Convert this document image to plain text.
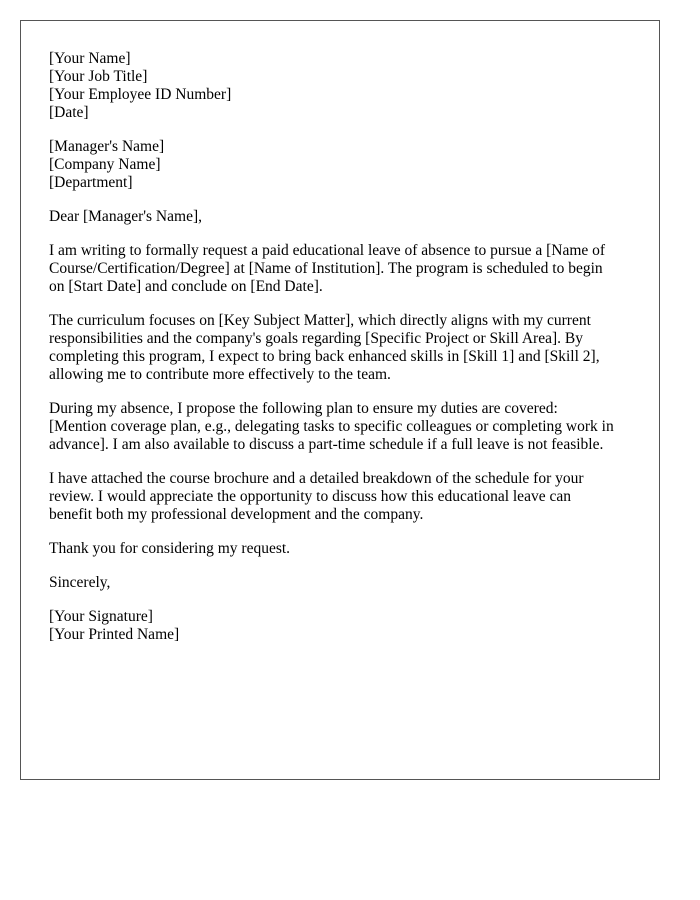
[Your Name]
[Your Job Title]
[Your Employee ID Number]
[Date]
[Manager's Name]
[Company Name]
[Department]

Dear [Manager's Name],

I am writing to formally request a paid educational leave of absence to pursue a [Name of
Course/Certification/Degree] at [Name of Institution]. The program is scheduled to begin
on [Start Date] and conclude on [End Date].

The curriculum focuses on [Key Subject Matter], which directly aligns with my current
responsibilities and the company's goals regarding [Specific Project or Skill Area]. By
completing this program, I expect to bring back enhanced skills in [Skill 1] and [Skill 2],
allowing me to contribute more effectively to the team.

During my absence, I propose the following plan to ensure my duties are covered:
[Mention coverage plan, e.g., delegating tasks to specific colleagues or completing work in
advance]. I am also available to discuss a part-time schedule if a full leave is not feasible.

I have attached the course brochure and a detailed breakdown of the schedule for your
review. I would appreciate the opportunity to discuss how this educational leave can
benefit both my professional development and the company.

Thank you for considering my request.

Sincerely,

[Your Signature]
[Your Printed Name]
